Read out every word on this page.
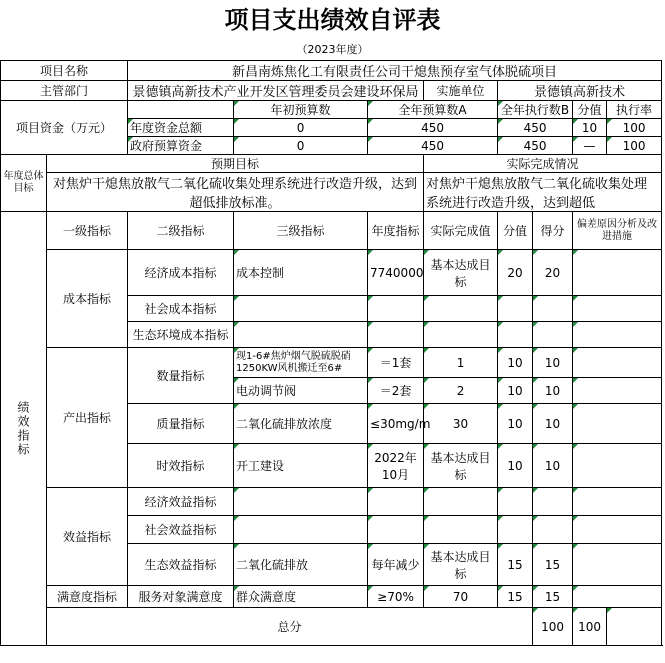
项目支出绩效自评表
（2023年度）
项目名称		新昌南炼焦化工有限责任公司干熄焦预存室气体脱硫项目							
主管部门		景德镇高新技术产业开发区管理委员会建设环保局			实施单位	景德镇高新技术			
项目资金（万元）			年初预算数	全年预算数A		全年执行数B		分值	执行率
		年度资金总额	0	450		450		10	100
		政府预算资金	0	450		450		—	100
年度总体目标	预期目标				实际完成情况				
	对焦炉干熄焦放散气二氧化硫收集处理系统进行改造升级，达到超低排放标准。				对焦炉干熄焦放散气二氧化硫收集处理系统进行改造升级，达到超低				

绩效指标	一级指标	二级指标	三级指标	年度指标	实际完成值	分值	得分	偏差原因分析及改进措施	
	成本指标	经济成本指标	成本控制	7740000	基本达成目标	20	20		
		社会成本指标							
		生态环境成本指标							
	产出指标	数量指标	现1-6#焦炉烟气脱硫脱硝1250KW风机搬迁至6#	＝1套	1	10	10		
			电动调节阀	＝2套	2	10	10		
		质量指标	二氧化硫排放浓度	≤30mg/m	30	10	10		
		时效指标	开工建设	2022年10月	基本达成目标	10	10		
	效益指标	经济效益指标							
		社会效益指标							
		生态效益指标	二氧化硫排放	每年减少	基本达成目标	15	15		
	满意度指标	服务对象满意度	群众满意度	≥70%	70	15	15		
	总分						100	100	
